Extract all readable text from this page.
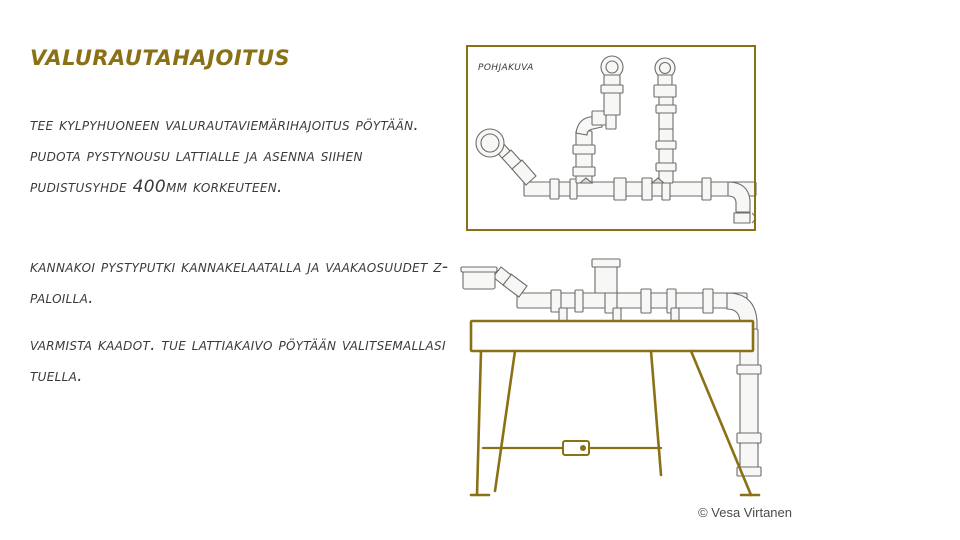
valurautahajoitus
tee kylpyhuoneen valurautaviemärihajoitus pöytään. pudota pystynousu lattialle ja asenna siihen pudistusyhde 400mm korkeuteen.
kannakoi pystyputki kannakelaatalla ja vaakaosuudet z-paloilla.
varmista kaadot. tue lattiakaivo pöytään valitsemallasi tuella.
pohjakuva
© Vesa Virtanen
